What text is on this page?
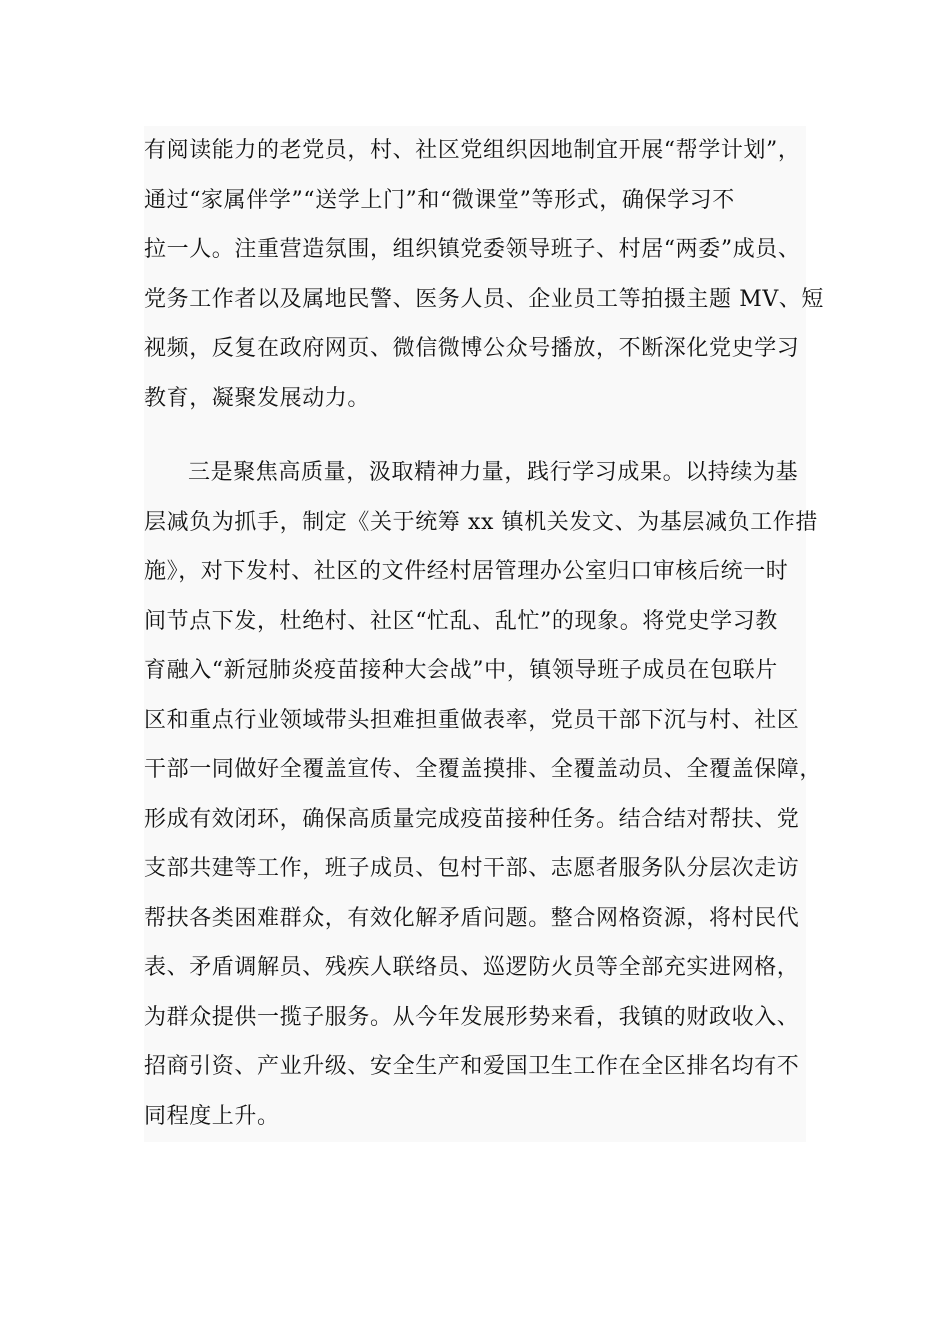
有阅读能力的老党员，村、社区党组织因地制宜开展“帮学计划”，
通过“家属伴学”“送学上门”和“微课堂”等形式，确保学习不
拉一人。注重营造氛围，组织镇党委领导班子、村居“两委”成员、
党务工作者以及属地民警、医务人员、企业员工等拍摄主题 MV、短
视频，反复在政府网页、微信微博公众号播放，不断深化党史学习
教育，凝聚发展动力。

三是聚焦高质量，汲取精神力量，践行学习成果。以持续为基
层减负为抓手，制定《关于统筹 xx 镇机关发文、为基层减负工作措
施》，对下发村、社区的文件经村居管理办公室归口审核后统一时
间节点下发，杜绝村、社区“忙乱、乱忙”的现象。将党史学习教
育融入“新冠肺炎疫苗接种大会战”中，镇领导班子成员在包联片
区和重点行业领域带头担难担重做表率，党员干部下沉与村、社区
干部一同做好全覆盖宣传、全覆盖摸排、全覆盖动员、全覆盖保障，
形成有效闭环，确保高质量完成疫苗接种任务。结合结对帮扶、党
支部共建等工作，班子成员、包村干部、志愿者服务队分层次走访
帮扶各类困难群众，有效化解矛盾问题。整合网格资源，将村民代
表、矛盾调解员、残疾人联络员、巡逻防火员等全部充实进网格，
为群众提供一揽子服务。从今年发展形势来看，我镇的财政收入、
招商引资、产业升级、安全生产和爱国卫生工作在全区排名均有不
同程度上升。
